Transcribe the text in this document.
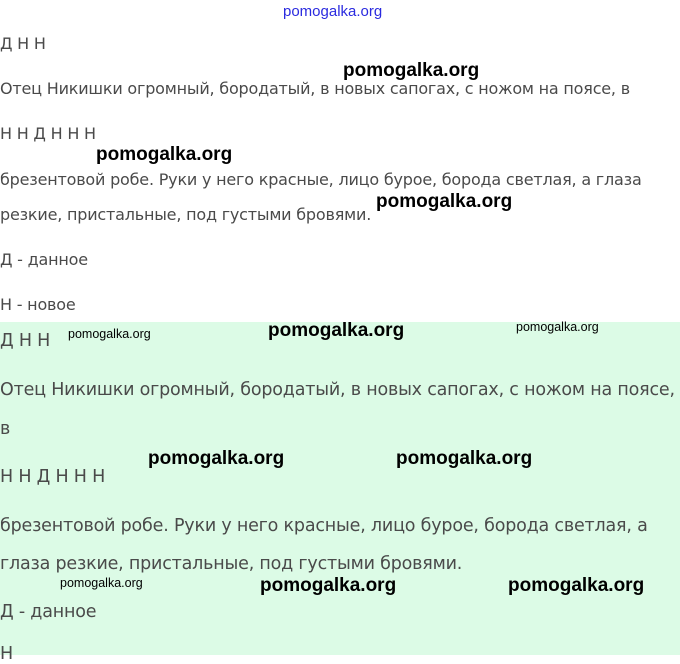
pomogalka.org
Д Н Н
Отец Никишки огромный, бородатый, в новых сапогах, с ножом на поясе, в
Н Н Д Н Н Н
брезентовой робе. Руки у него красные, лицо бурое, борода светлая, а глаза
резкие, пристальные, под густыми бровями.
Д - данное
Н - новое
Д Н Н
Отец Никишки огромный, бородатый, в новых сапогах, с ножом на поясе,
в
Н Н Д Н Н Н
брезентовой робе. Руки у него красные, лицо бурое, борода светлая, а
глаза резкие, пристальные, под густыми бровями.
Д - данное
Н
pomogalka.org
pomogalka.org
pomogalka.org
pomogalka.org	pomogalka.org	pomogalka.org
pomogalka.org	pomogalka.org
pomogalka.org	pomogalka.org	pomogalka.org
